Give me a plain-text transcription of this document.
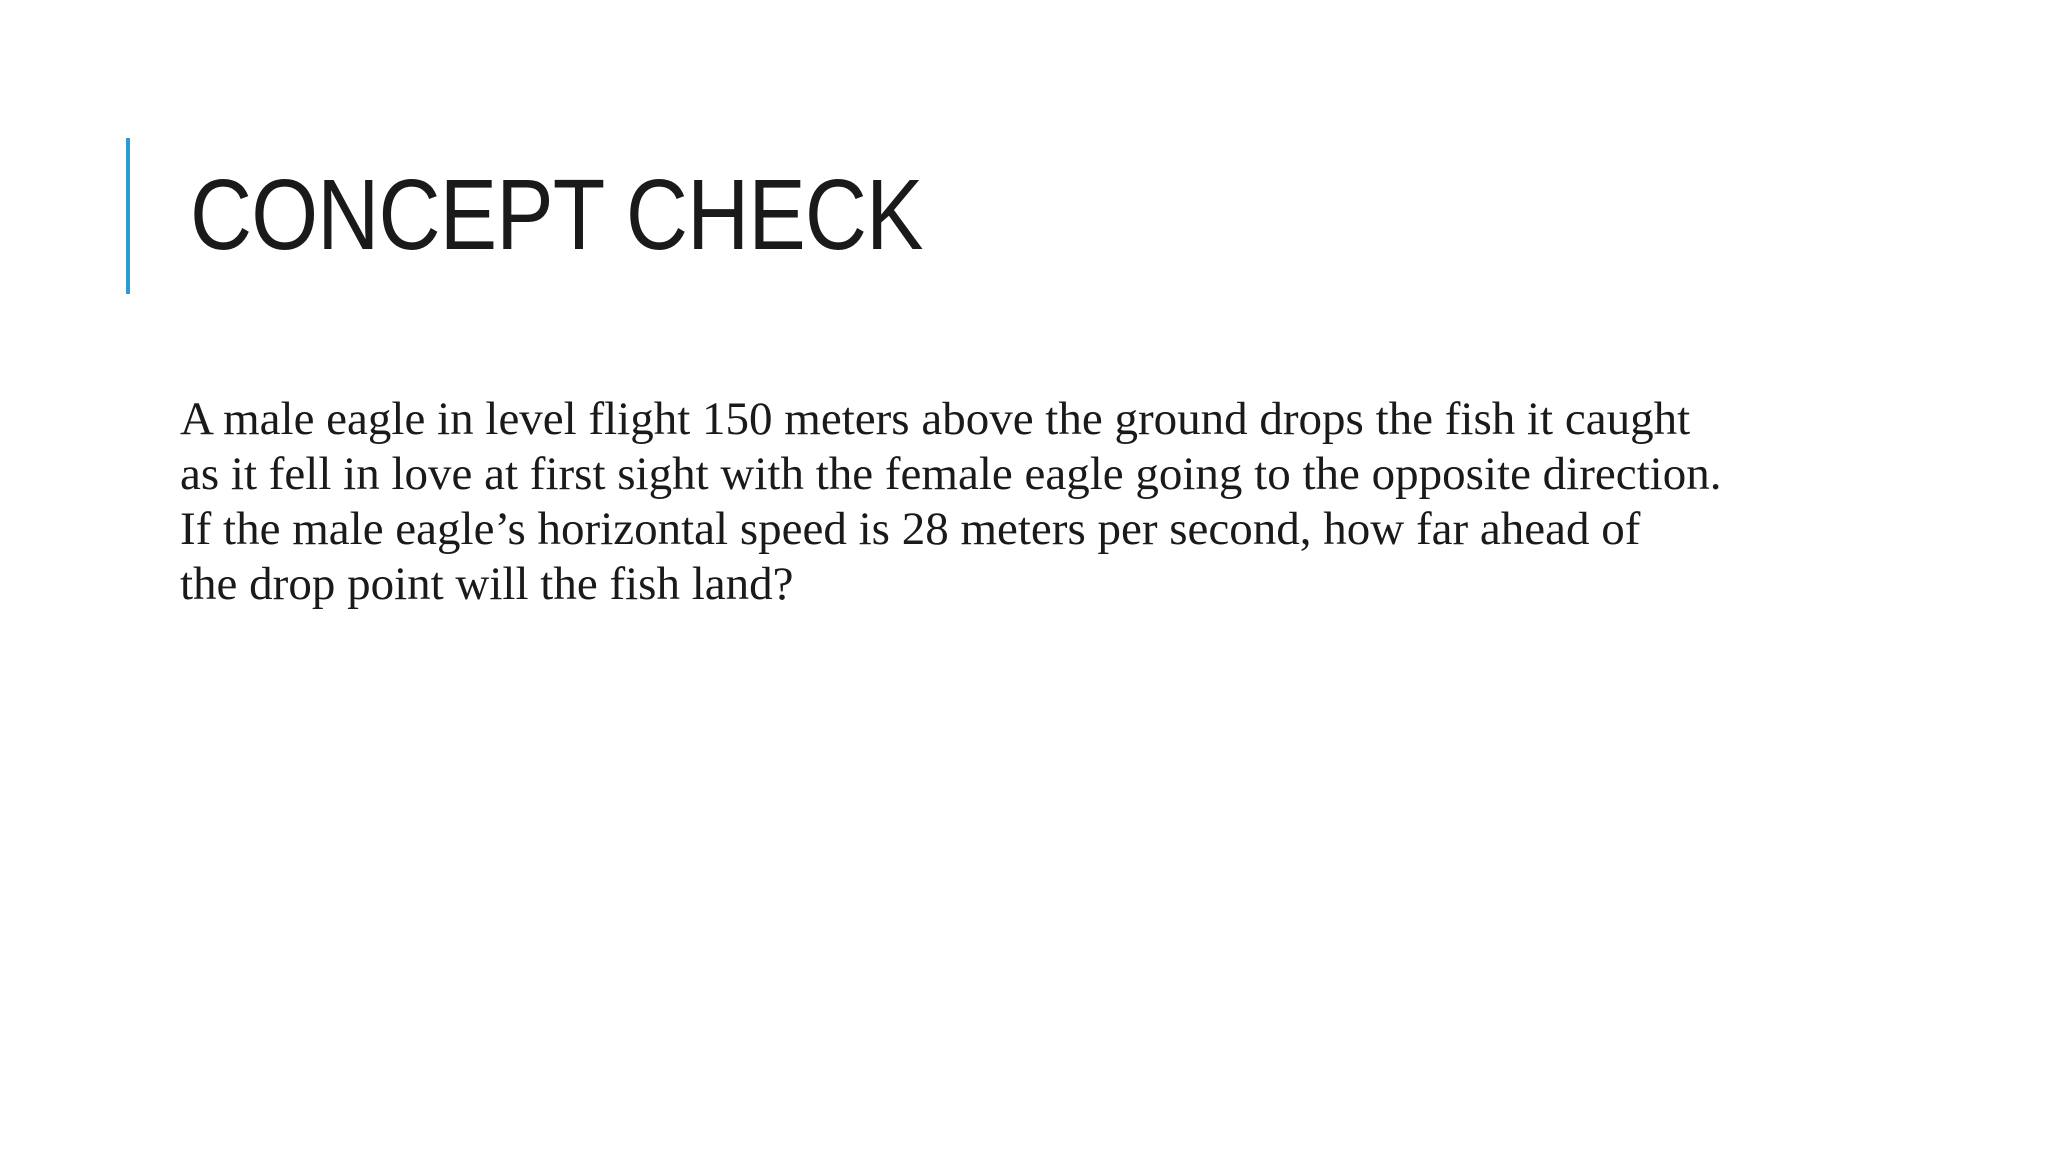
CONCEPT CHECK
A male eagle in level flight 150 meters above the ground drops the fish it caught
as it fell in love at first sight with the female eagle going to the opposite direction.
If the male eagle’s horizontal speed is 28 meters per second, how far ahead of
the drop point will the fish land?
